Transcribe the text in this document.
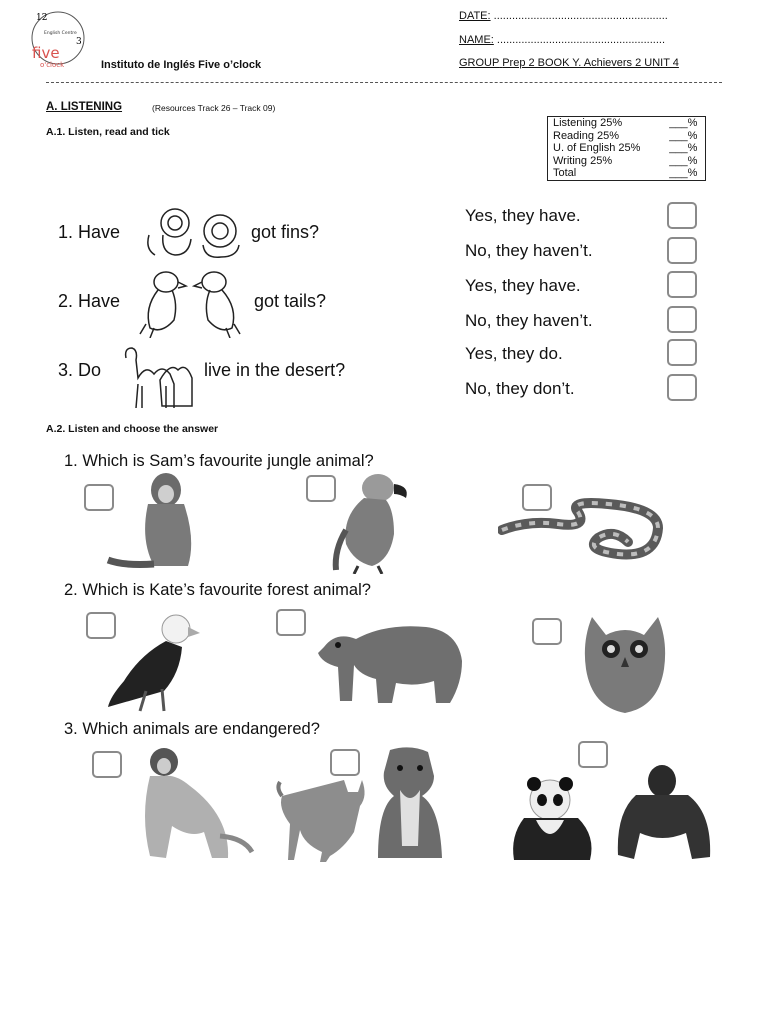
12
3
English Centre
five
o'clock	Instituto de Inglés Five o’clock
DATE: .........................................................
NAME: .......................................................
GROUP Prep 2 BOOK Y. Achievers 2 UNIT 4
A. LISTENING	(Resources Track 26 – Track 09)
A.1. Listen, read and tick
Listening 25%	___%
Reading 25%	___%
U. of English 25%	___%
Writing 25%	___%
Total	___%
1. Have	got fins?
2. Have	got tails?
3. Do	live in the desert?
Yes, they have.
No, they haven’t.
Yes, they have.
No, they haven’t.
Yes, they do.
No, they don’t.
A.2. Listen and choose the answer
1. Which is Sam’s favourite jungle animal?
2. Which is Kate’s favourite forest animal?
3. Which animals are endangered?
